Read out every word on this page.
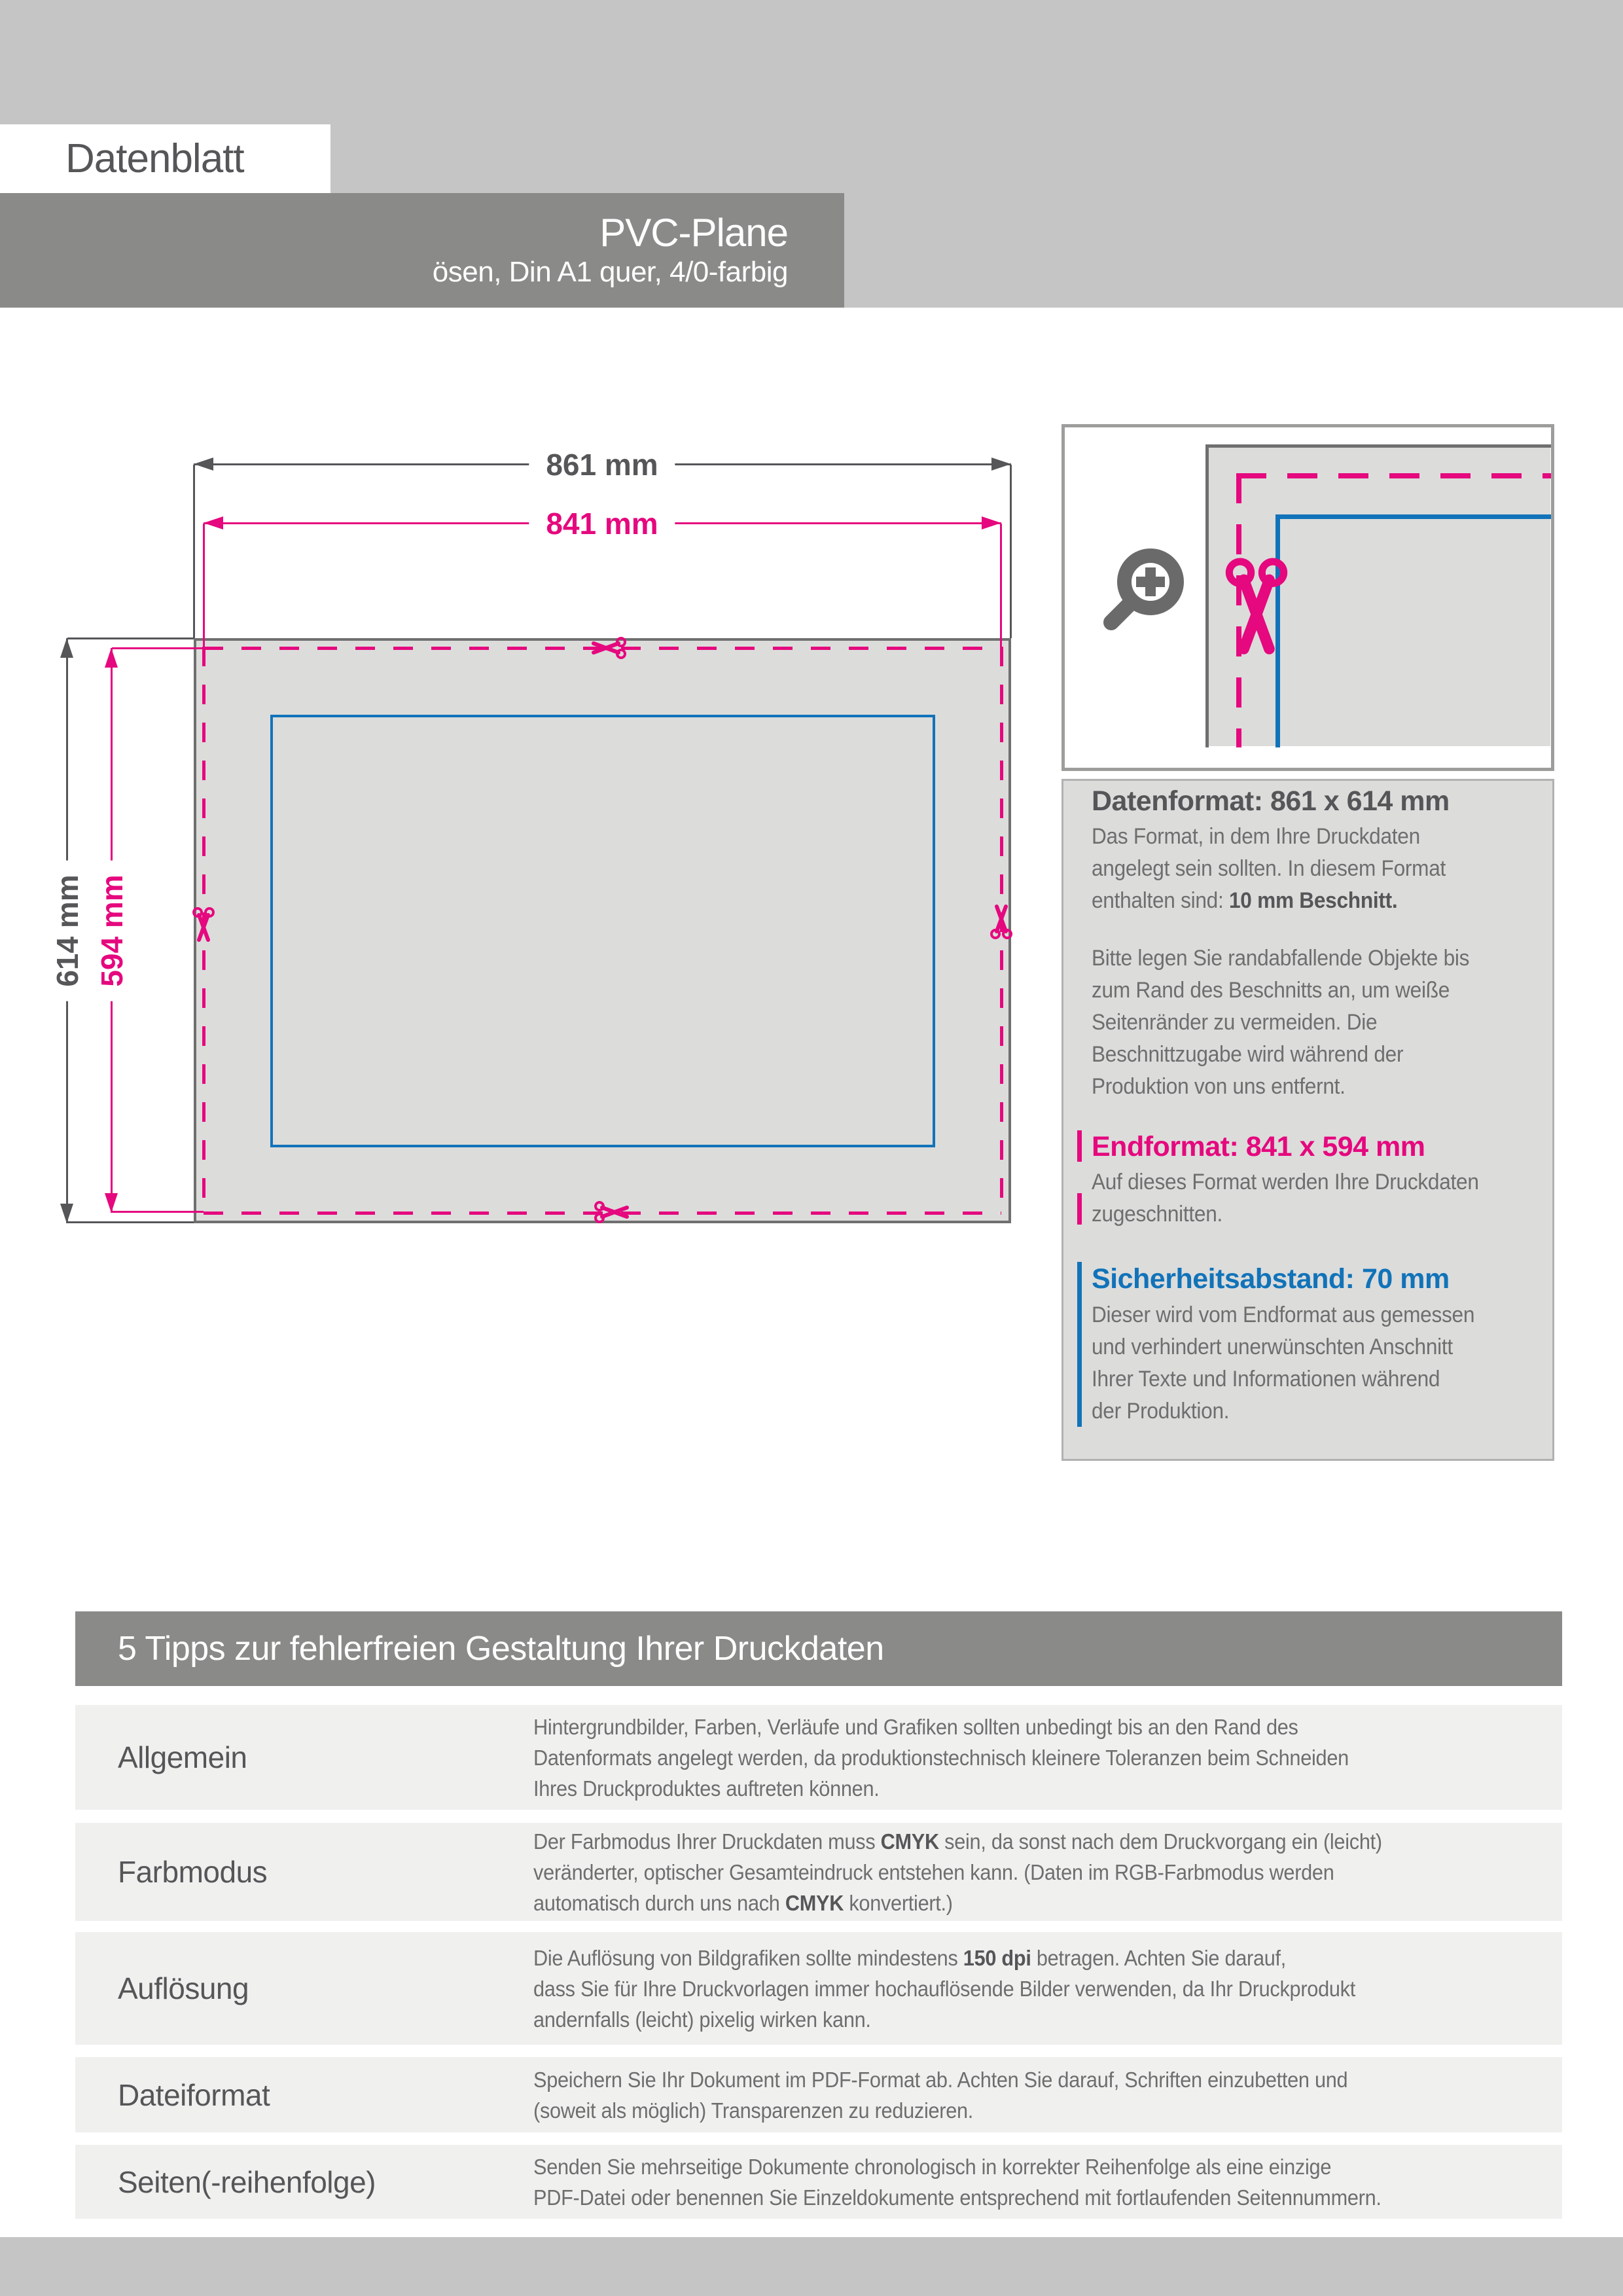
Datenblatt
PVC-Plane
ösen, Din A1 quer, 4/0-farbig
861 mm
841 mm
614 mm 594 mm
Datenformat: 861 x 614 mm
Das Format, in dem Ihre Druckdaten
angelegt sein sollten. In diesem Format
enthalten sind: 10 mm Beschnitt.
Bitte legen Sie randabfallende Objekte bis
zum Rand des Beschnitts an, um weiße
Seitenränder zu vermeiden. Die
Beschnittzugabe wird während der
Produktion von uns entfernt.
Endformat: 841 x 594 mm
Auf dieses Format werden Ihre Druckdaten
zugeschnitten.
Sicherheitsabstand: 70 mm
Dieser wird vom Endformat aus gemessen
und verhindert unerwünschten Anschnitt
Ihrer Texte und Informationen während
der Produktion.
5 Tipps zur fehlerfreien Gestaltung Ihrer Druckdaten
Allgemein
Hintergrundbilder, Farben, Verläufe und Grafiken sollten unbedingt bis an den Rand des
Datenformats angelegt werden, da produktionstechnisch kleinere Toleranzen beim Schneiden
Ihres Druckproduktes auftreten können.
Farbmodus
Der Farbmodus Ihrer Druckdaten muss CMYK sein, da sonst nach dem Druckvorgang ein (leicht)
veränderter, optischer Gesamteindruck entstehen kann. (Daten im RGB-Farbmodus werden
automatisch durch uns nach CMYK konvertiert.)
Auflösung
Die Auflösung von Bildgrafiken sollte mindestens 150 dpi betragen. Achten Sie darauf,
dass Sie für Ihre Druckvorlagen immer hochauflösende Bilder verwenden, da Ihr Druckprodukt
andernfalls (leicht) pixelig wirken kann.
Dateiformat	Speichern Sie Ihr Dokument im PDF-Format ab. Achten Sie darauf, Schriften einzubetten und
(soweit als möglich) Transparenzen zu reduzieren.
Seiten(-reihenfolge)	Senden Sie mehrseitige Dokumente chronologisch in korrekter Reihenfolge als eine einzige
PDF-Datei oder benennen Sie Einzeldokumente entsprechend mit fortlaufenden Seitennummern.
